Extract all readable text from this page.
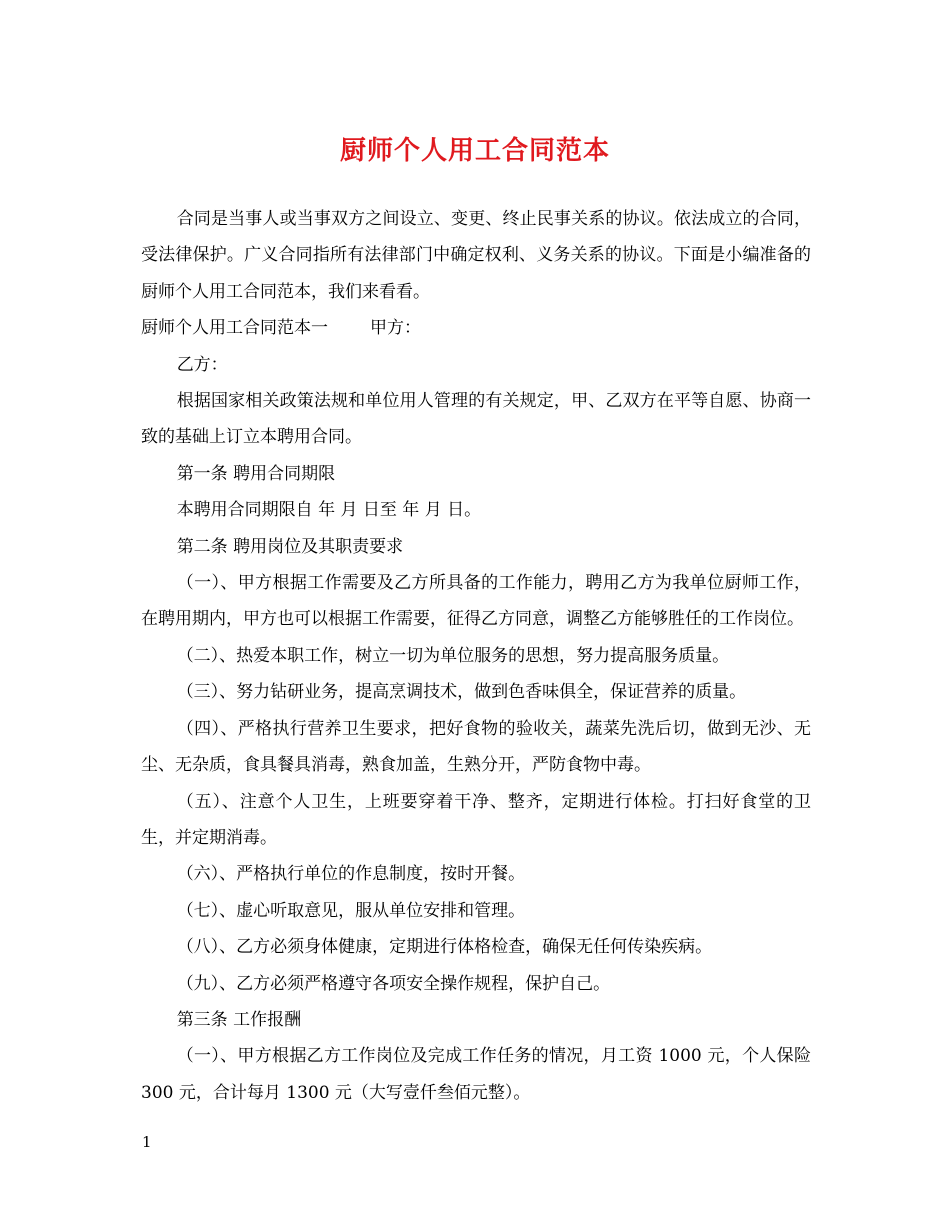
厨师个人用工合同范本

合同是当事人或当事双方之间设立、变更、终止民事关系的协议。依法成立的合同，受法律保护。广义合同指所有法律部门中确定权利、义务关系的协议。下面是小编准备的厨师个人用工合同范本，我们来看看。

厨师个人用工合同范本一 甲方：

乙方：

根据国家相关政策法规和单位用人管理的有关规定，甲、乙双方在平等自愿、协商一致的基础上订立本聘用合同。

第一条 聘用合同期限

本聘用合同期限自 年 月 日至 年 月 日。

第二条 聘用岗位及其职责要求

（一）、甲方根据工作需要及乙方所具备的工作能力，聘用乙方为我单位厨师工作，在聘用期内，甲方也可以根据工作需要，征得乙方同意，调整乙方能够胜任的工作岗位。

（二）、热爱本职工作，树立一切为单位服务的思想，努力提高服务质量。

（三）、努力钻研业务，提高烹调技术，做到色香味俱全，保证营养的质量。

（四）、严格执行营养卫生要求，把好食物的验收关，蔬菜先洗后切，做到无沙、无尘、无杂质，食具餐具消毒，熟食加盖，生熟分开，严防食物中毒。

（五）、注意个人卫生，上班要穿着干净、整齐，定期进行体检。打扫好食堂的卫生，并定期消毒。

（六）、严格执行单位的作息制度，按时开餐。

（七）、虚心听取意见，服从单位安排和管理。

（八）、乙方必须身体健康，定期进行体格检查，确保无任何传染疾病。

（九）、乙方必须严格遵守各项安全操作规程，保护自己。

第三条 工作报酬

（一）、甲方根据乙方工作岗位及完成工作任务的情况，月工资 1000 元，个人保险 300 元，合计每月 1300 元（大写壹仟叁佰元整）。

1
